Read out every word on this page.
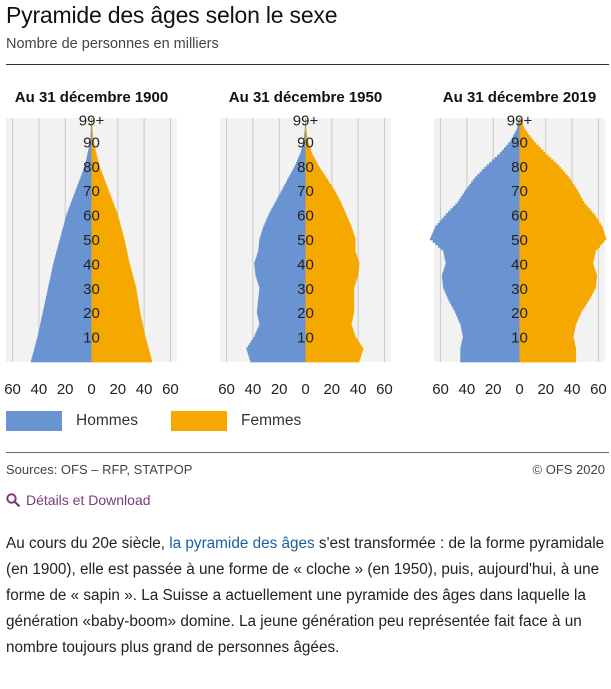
Pyramide des âges selon le sexe
Nombre de personnes en milliers
Au 31 décembre 1900
10
20
30
40
50
60
70
80
90
99+
60 40 20 0 20 40 60
Au 31 décembre 1950
10
20
30
40
50
60
70
80
90
99+
60 40 20 0 20 40 60
Au 31 décembre 2019
10
20
30
40
50
60
70
80
90
99+
60 40 20 0 20 40 60
Hommes	Femmes
Sources: OFS – RFP, STATPOP	© OFS 2020
Détails et Download

Au cours du 20e siècle, la pyramide des âges s'est transformée : de la forme pyramidale (en 1900), elle est passée à une forme de « cloche » (en 1950), puis, aujourd'hui, à une forme de « sapin ». La Suisse a actuellement une pyramide des âges dans laquelle la génération «baby-boom» domine. La jeune génération peu représentée fait face à un nombre toujours plus grand de personnes âgées.
